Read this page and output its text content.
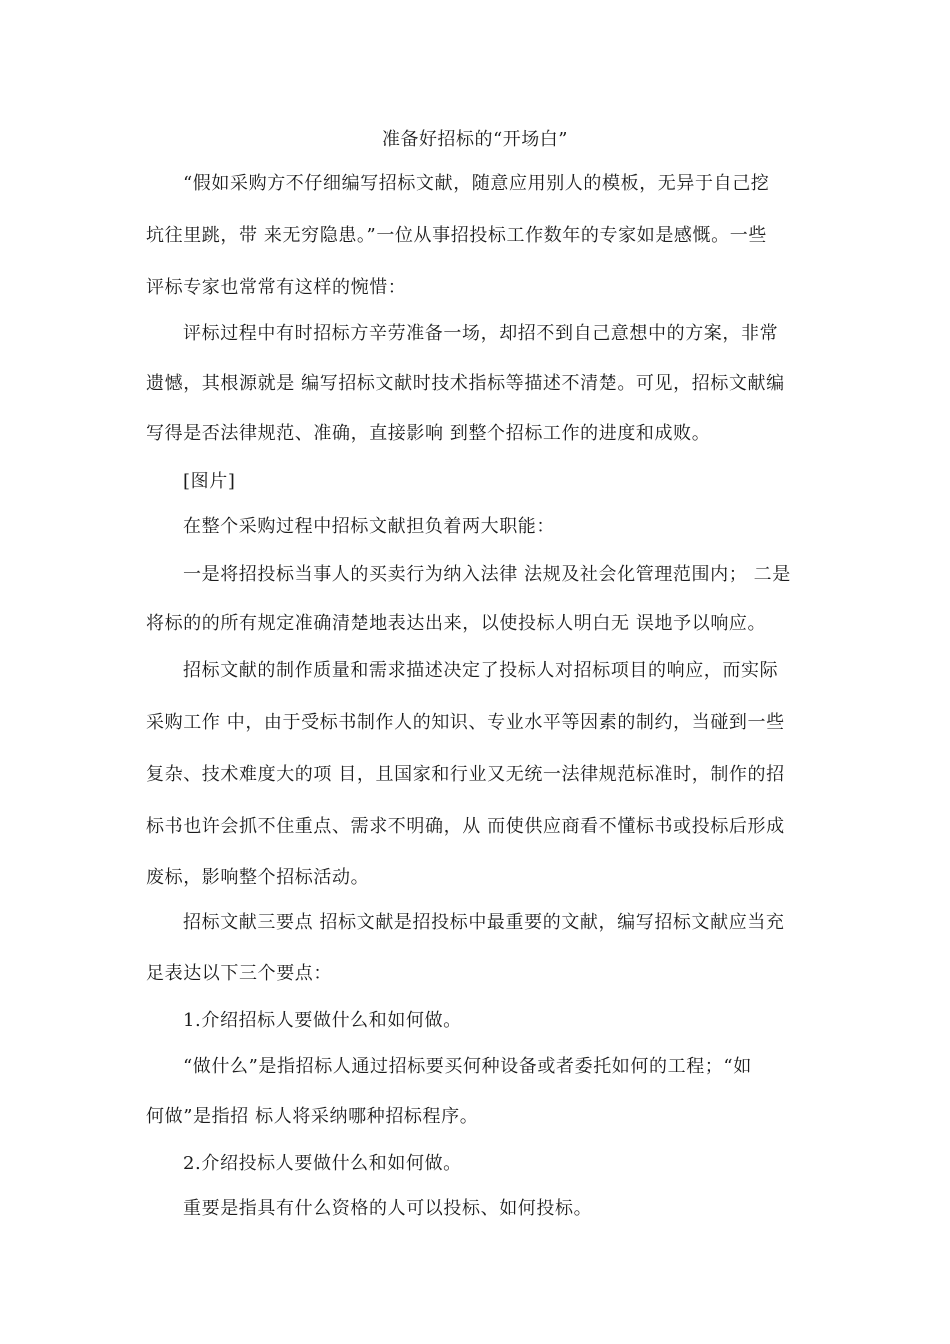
准备好招标的“开场白”
“假如采购方不仔细编写招标文献，随意应用别人的模板，无异于自己挖
坑往里跳，带 来无穷隐患。”一位从事招投标工作数年的专家如是感慨。一些
评标专家也常常有这样的惋惜：
评标过程中有时招标方辛劳准备一场，却招不到自己意想中的方案，非常
遗憾，其根源就是 编写招标文献时技术指标等描述不清楚。可见，招标文献编
写得是否法律规范、准确，直接影响 到整个招标工作的进度和成败。
[图片]
在整个采购过程中招标文献担负着两大职能：
一是将招投标当事人的买卖行为纳入法律 法规及社会化管理范围内； 二是
将标的的所有规定准确清楚地表达出来，以使投标人明白无 误地予以响应。
招标文献的制作质量和需求描述决定了投标人对招标项目的响应，而实际
采购工作 中，由于受标书制作人的知识、专业水平等因素的制约，当碰到一些
复杂、技术难度大的项 目，且国家和行业又无统一法律规范标准时，制作的招
标书也许会抓不住重点、需求不明确，从 而使供应商看不懂标书或投标后形成
废标，影响整个招标活动。
招标文献三要点 招标文献是招投标中最重要的文献，编写招标文献应当充
足表达以下三个要点：
1.介绍招标人要做什么和如何做。
“做什么”是指招标人通过招标要买何种设备或者委托如何的工程；“如
何做”是指招 标人将采纳哪种招标程序。
2.介绍投标人要做什么和如何做。
重要是指具有什么资格的人可以投标、如何投标。
